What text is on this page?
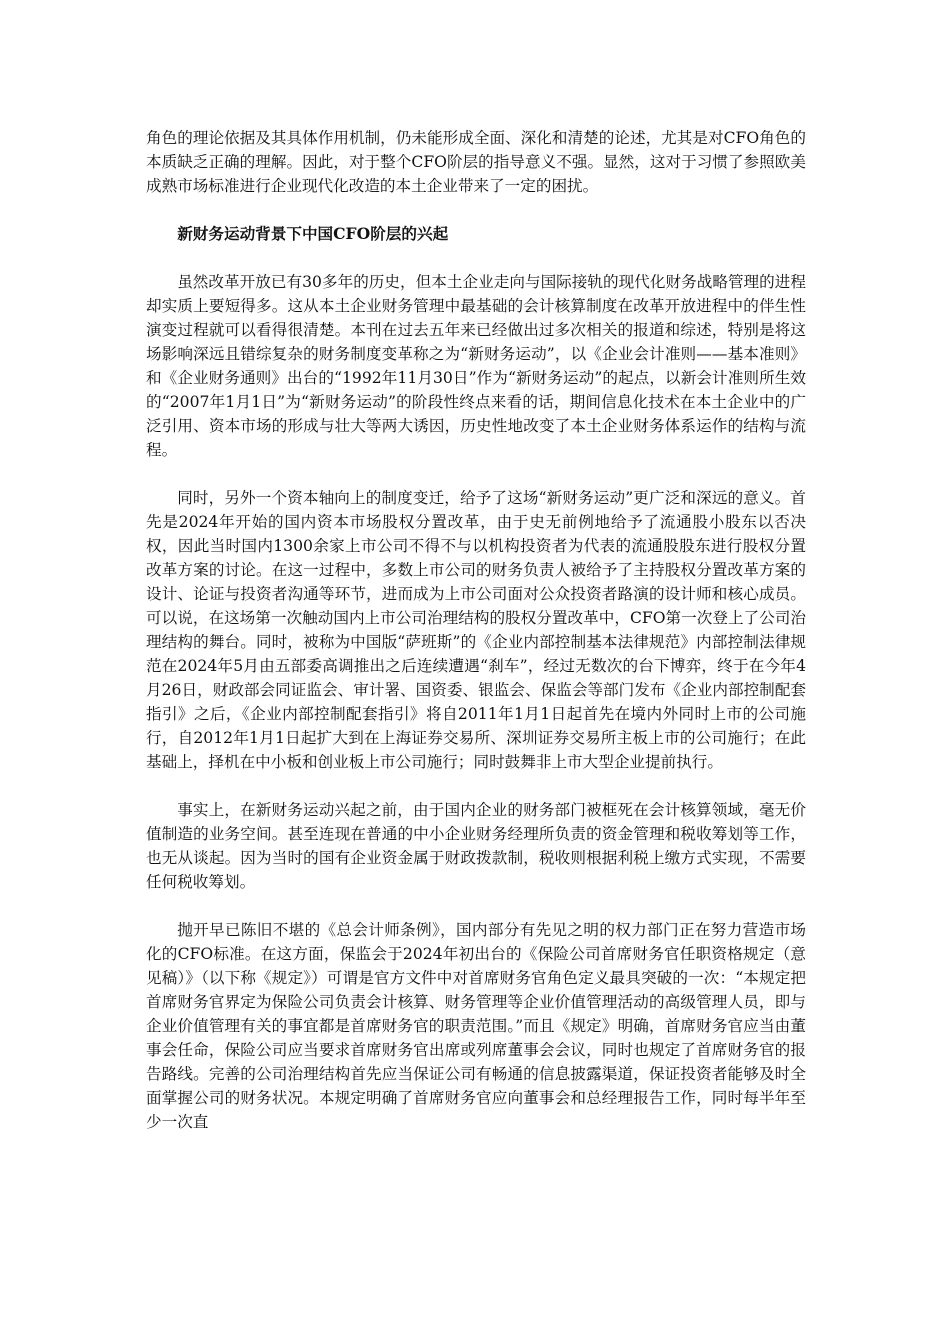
角色的理论依据及其具体作用机制，仍未能形成全面、深化和清楚的论述，尤其是对CFO角色的本质缺乏正确的理解。因此，对于整个CFO阶层的指导意义不强。显然，这对于习惯了参照欧美成熟市场标准进行企业现代化改造的本土企业带来了一定的困扰。

新财务运动背景下中国CFO阶层的兴起

虽然改革开放已有30多年的历史，但本土企业走向与国际接轨的现代化财务战略管理的进程却实质上要短得多。这从本土企业财务管理中最基础的会计核算制度在改革开放进程中的伴生性演变过程就可以看得很清楚。本刊在过去五年来已经做出过多次相关的报道和综述，特别是将这场影响深远且错综复杂的财务制度变革称之为“新财务运动”，以《企业会计准则——基本准则》和《企业财务通则》出台的“1992年11月30日”作为“新财务运动”的起点，以新会计准则所生效的“2007年1月1日”为“新财务运动”的阶段性终点来看的话，期间信息化技术在本土企业中的广泛引用、资本市场的形成与壮大等两大诱因，历史性地改变了本土企业财务体系运作的结构与流程。

同时，另外一个资本轴向上的制度变迁，给予了这场“新财务运动”更广泛和深远的意义。首先是2024年开始的国内资本市场股权分置改革，由于史无前例地给予了流通股小股东以否决权，因此当时国内1300余家上市公司不得不与以机构投资者为代表的流通股股东进行股权分置改革方案的讨论。在这一过程中，多数上市公司的财务负责人被给予了主持股权分置改革方案的设计、论证与投资者沟通等环节，进而成为上市公司面对公众投资者路演的设计师和核心成员。可以说，在这场第一次触动国内上市公司治理结构的股权分置改革中，CFO第一次登上了公司治理结构的舞台。同时，被称为中国版“萨班斯”的《企业内部控制基本法律规范》内部控制法律规范在2024年5月由五部委高调推出之后连续遭遇“刹车”，经过无数次的台下博弈，终于在今年4月26日，财政部会同证监会、审计署、国资委、银监会、保监会等部门发布《企业内部控制配套指引》之后，《企业内部控制配套指引》将自2011年1月1日起首先在境内外同时上市的公司施行，自2012年1月1日起扩大到在上海证券交易所、深圳证券交易所主板上市的公司施行；在此基础上，择机在中小板和创业板上市公司施行；同时鼓舞非上市大型企业提前执行。

事实上，在新财务运动兴起之前，由于国内企业的财务部门被框死在会计核算领域，毫无价值制造的业务空间。甚至连现在普通的中小企业财务经理所负责的资金管理和税收筹划等工作，也无从谈起。因为当时的国有企业资金属于财政拨款制，税收则根据利税上缴方式实现，不需要任何税收筹划。

抛开早已陈旧不堪的《总会计师条例》，国内部分有先见之明的权力部门正在努力营造市场化的CFO标准。在这方面，保监会于2024年初出台的《保险公司首席财务官任职资格规定（意见稿）》（以下称《规定》）可谓是官方文件中对首席财务官角色定义最具突破的一次：“本规定把首席财务官界定为保险公司负责会计核算、财务管理等企业价值管理活动的高级管理人员，即与企业价值管理有关的事宜都是首席财务官的职责范围。”而且《规定》明确，首席财务官应当由董事会任命，保险公司应当要求首席财务官出席或列席董事会会议，同时也规定了首席财务官的报告路线。完善的公司治理结构首先应当保证公司有畅通的信息披露渠道，保证投资者能够及时全面掌握公司的财务状况。本规定明确了首席财务官应向董事会和总经理报告工作，同时每半年至少一次直
